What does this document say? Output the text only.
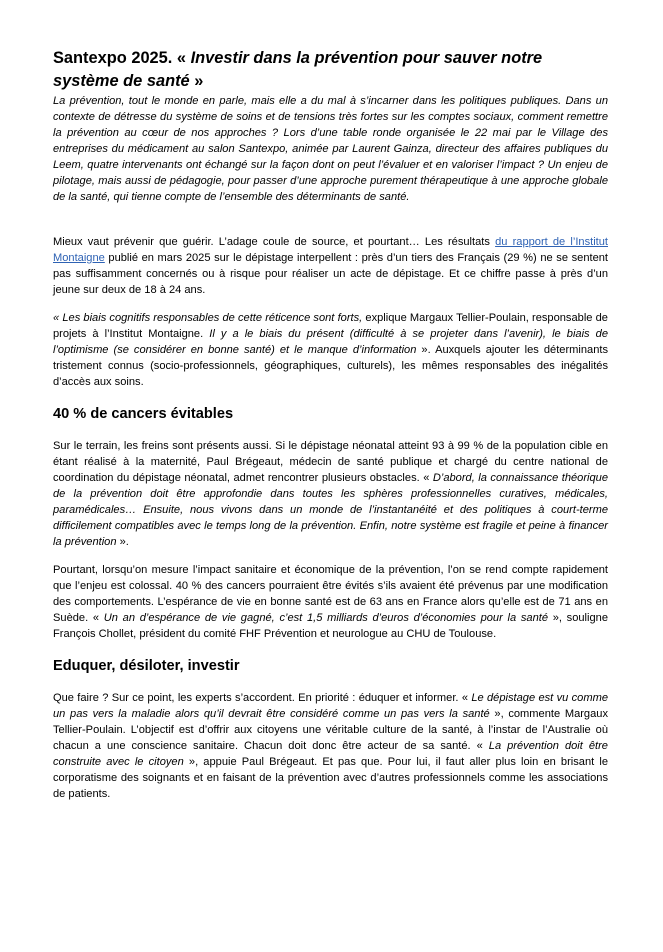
Santexpo 2025. « Investir dans la prévention pour sauver notre système de santé »

La prévention, tout le monde en parle, mais elle a du mal à s’incarner dans les politiques publiques. Dans un contexte de détresse du système de soins et de tensions très fortes sur les comptes sociaux, comment remettre la prévention au cœur de nos approches ? Lors d’une table ronde organisée le 22 mai par le Village des entreprises du médicament au salon Santexpo, animée par Laurent Gainza, directeur des affaires publiques du Leem, quatre intervenants ont échangé sur la façon dont on peut l’évaluer et en valoriser l’impact ? Un enjeu de pilotage, mais aussi de pédagogie, pour passer d’une approche purement thérapeutique à une approche globale de la santé, qui tienne compte de l’ensemble des déterminants de santé.

Mieux vaut prévenir que guérir. L’adage coule de source, et pourtant… Les résultats du rapport de l’Institut Montaigne publié en mars 2025 sur le dépistage interpellent : près d’un tiers des Français (29 %) ne se sentent pas suffisamment concernés ou à risque pour réaliser un acte de dépistage. Et ce chiffre passe à près d’un jeune sur deux de 18 à 24 ans.

« Les biais cognitifs responsables de cette réticence sont forts, explique Margaux Tellier-Poulain, responsable de projets à l’Institut Montaigne. Il y a le biais du présent (difficulté à se projeter dans l’avenir), le biais de l’optimisme (se considérer en bonne santé) et le manque d’information ». Auxquels ajouter les déterminants tristement connus (socio-professionnels, géographiques, culturels), les mêmes responsables des inégalités d’accès aux soins.

40 % de cancers évitables

Sur le terrain, les freins sont présents aussi. Si le dépistage néonatal atteint 93 à 99 % de la population cible en étant réalisé à la maternité, Paul Brégeaut, médecin de santé publique et chargé du centre national de coordination du dépistage néonatal, admet rencontrer plusieurs obstacles. « D’abord, la connaissance théorique de la prévention doit être approfondie dans toutes les sphères professionnelles curatives, médicales, paramédicales… Ensuite, nous vivons dans un monde de l’instantanéité et des politiques à court-terme difficilement compatibles avec le temps long de la prévention. Enfin, notre système est fragile et peine à financer la prévention ».

Pourtant, lorsqu’on mesure l’impact sanitaire et économique de la prévention, l’on se rend compte rapidement que l’enjeu est colossal. 40 % des cancers pourraient être évités s’ils avaient été prévenus par une modification des comportements. L’espérance de vie en bonne santé est de 63 ans en France alors qu’elle est de 71 ans en Suède. « Un an d’espérance de vie gagné, c’est 1,5 milliards d’euros d’économies pour la santé », souligne François Chollet, président du comité FHF Prévention et neurologue au CHU de Toulouse.

Eduquer, désiloter, investir

Que faire ? Sur ce point, les experts s’accordent. En priorité : éduquer et informer. « Le dépistage est vu comme un pas vers la maladie alors qu’il devrait être considéré comme un pas vers la santé », commente Margaux Tellier-Poulain. L’objectif est d’offrir aux citoyens une véritable culture de la santé, à l’instar de l’Australie où chacun a une conscience sanitaire. Chacun doit donc être acteur de sa santé. « La prévention doit être construite avec le citoyen », appuie Paul Brégeaut. Et pas que. Pour lui, il faut aller plus loin en brisant le corporatisme des soignants et en faisant de la prévention avec d’autres professionnels comme les associations de patients.
